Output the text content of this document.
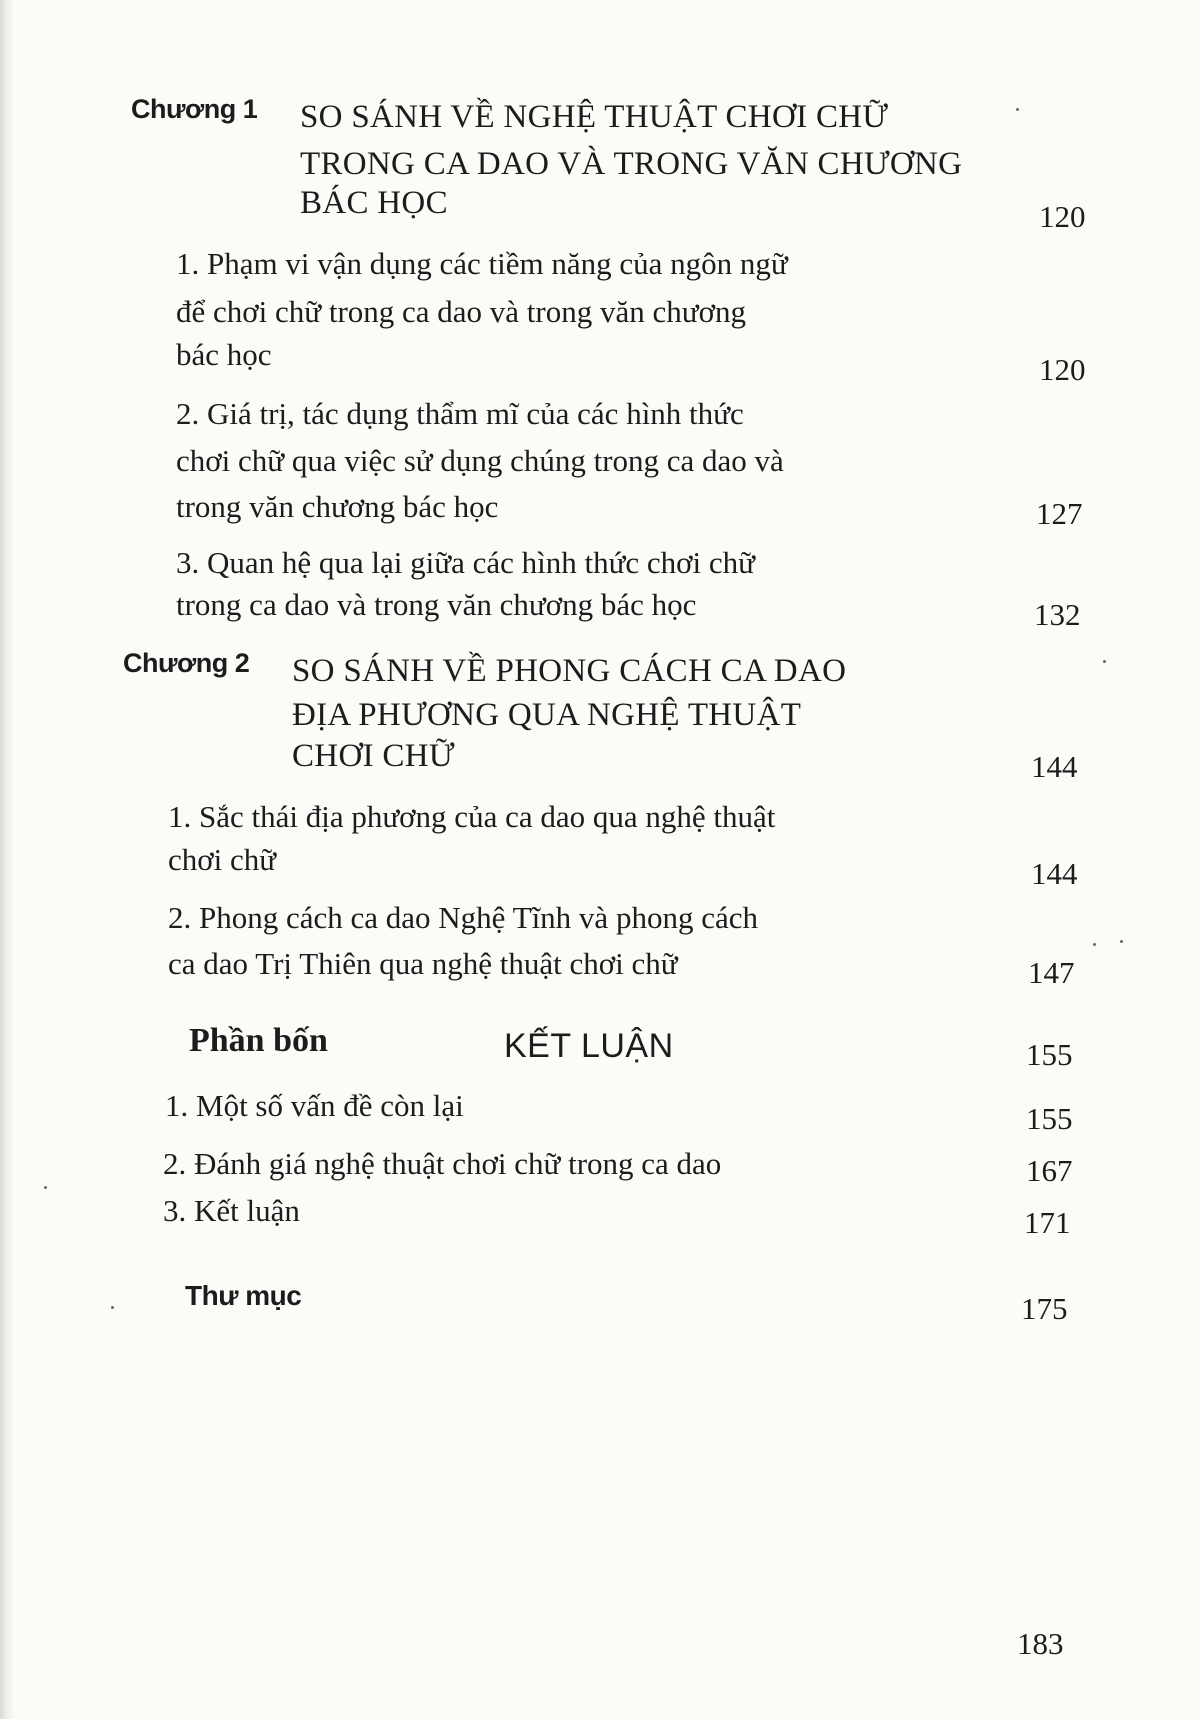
Chương 1 SO SÁNH VỀ NGHỆ THUẬT CHƠI CHỮ
TRONG CA DAO VÀ TRONG VĂN CHƯƠNG
BÁC HỌC	120
1. Phạm vi vận dụng các tiềm năng của ngôn ngữ
để chơi chữ trong ca dao và trong văn chương
bác học	120
2. Giá trị, tác dụng thẩm mĩ của các hình thức
chơi chữ qua việc sử dụng chúng trong ca dao và
trong văn chương bác học	127
3. Quan hệ qua lại giữa các hình thức chơi chữ
trong ca dao và trong văn chương bác học	132
Chương 2 SO SÁNH VỀ PHONG CÁCH CA DAO
ĐỊA PHƯƠNG QUA NGHỆ THUẬT
CHƠI CHỮ	144
1. Sắc thái địa phương của ca dao qua nghệ thuật
chơi chữ	144
2. Phong cách ca dao Nghệ Tĩnh và phong cách
ca dao Trị Thiên qua nghệ thuật chơi chữ	147
Phần bốn	KẾT LUẬN	155
1. Một số vấn đề còn lại	155
2. Đánh giá nghệ thuật chơi chữ trong ca dao	167
3. Kết luận	171
Thư mục	175
183
